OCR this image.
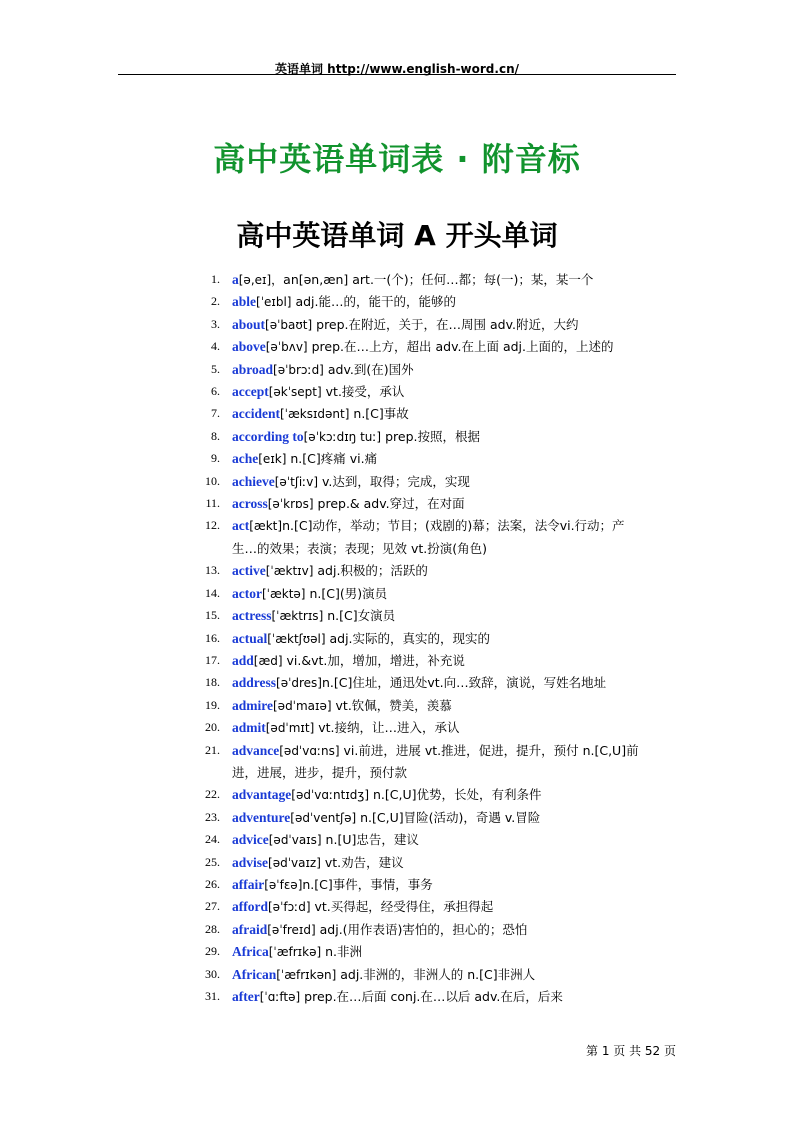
英语单词 http://www.english-word.cn/
高中英语单词表 · 附音标
高中英语单词 A 开头单词
1. a[ə,eɪ]，an[ən,æn] art.一(个)；任何…都；每(一)；某，某一个
2. able[ˈeɪbl] adj.能…的，能干的，能够的
3. about[əˈbaʊt] prep.在附近，关于，在…周围 adv.附近，大约
4. above[əˈbʌv] prep.在…上方，超出 adv.在上面 adj.上面的，上述的
5. abroad[əˈbrɔːd] adv.到(在)国外
6. accept[əkˈsept] vt.接受，承认
7. accident[ˈæksɪdənt] n.[C]事故
8. according to[əˈkɔːdɪŋ tuː] prep.按照，根据
9. ache[eɪk] n.[C]疼痛 vi.痛
10. achieve[əˈtʃiːv] v.达到，取得；完成，实现
11. across[əˈkrɒs] prep.& adv.穿过，在对面
12. act[ækt]n.[C]动作，举动；节目；(戏剧的)幕；法案，法令vi.行动；产生…的效果；表演；表现；见效 vt.扮演(角色)
13. active[ˈæktɪv] adj.积极的；活跃的
14. actor[ˈæktə] n.[C](男)演员
15. actress[ˈæktrɪs] n.[C]女演员
16. actual[ˈæktʃʊəl] adj.实际的，真实的，现实的
17. add[æd] vi.&vt.加，增加，增进，补充说
18. address[əˈdres]n.[C]住址，通迅处vt.向…致辞，演说，写姓名地址
19. admire[ədˈmaɪə] vt.钦佩，赞美，羡慕
20. admit[ədˈmɪt] vt.接纳，让…进入，承认
21. advance[ədˈvɑːns] vi.前进，进展 vt.推进，促进，提升，预付 n.[C,U]前进，进展，进步，提升，预付款
22. advantage[ədˈvɑːntɪdʒ] n.[C,U]优势，长处，有利条件
23. adventure[ədˈventʃə] n.[C,U]冒险(活动)，奇遇 v.冒险
24. advice[ədˈvaɪs] n.[U]忠告，建议
25. advise[ədˈvaɪz] vt.劝告，建议
26. affair[əˈfɛə]n.[C]事件，事情，事务
27. afford[əˈfɔːd] vt.买得起，经受得住，承担得起
28. afraid[əˈfreɪd] adj.(用作表语)害怕的，担心的；恐怕
29. Africa[ˈæfrɪkə] n.非洲
30. African[ˈæfrɪkən] adj.非洲的，非洲人的 n.[C]非洲人
31. after[ˈɑːftə] prep.在…后面 conj.在…以后 adv.在后，后来
第 1 页 共 52 页
